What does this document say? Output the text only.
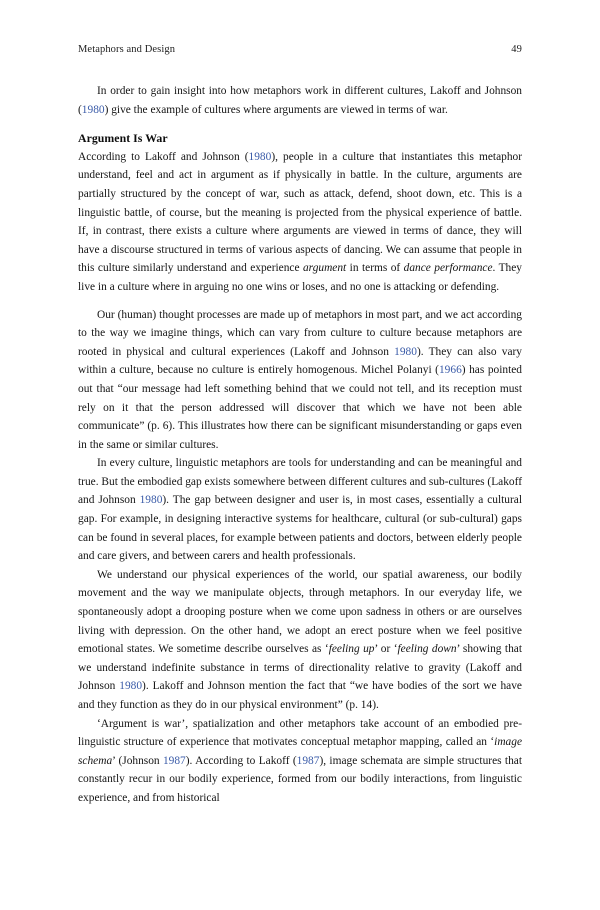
Metaphors and Design	49

In order to gain insight into how metaphors work in different cultures, Lakoff and Johnson (1980) give the example of cultures where arguments are viewed in terms of war.

Argument Is War

According to Lakoff and Johnson (1980), people in a culture that instantiates this metaphor understand, feel and act in argument as if physically in battle. In the culture, arguments are partially structured by the concept of war, such as attack, defend, shoot down, etc. This is a linguistic battle, of course, but the meaning is projected from the physical experience of battle. If, in contrast, there exists a culture where arguments are viewed in terms of dance, they will have a discourse structured in terms of various aspects of dancing. We can assume that people in this culture similarly understand and experience argument in terms of dance performance. They live in a culture where in arguing no one wins or loses, and no one is attacking or defending.

Our (human) thought processes are made up of metaphors in most part, and we act according to the way we imagine things, which can vary from culture to culture because metaphors are rooted in physical and cultural experiences (Lakoff and Johnson 1980). They can also vary within a culture, because no culture is entirely homogenous. Michel Polanyi (1966) has pointed out that “our message had left something behind that we could not tell, and its reception must rely on it that the person addressed will discover that which we have not been able communicate” (p. 6). This illustrates how there can be significant misunderstanding or gaps even in the same or similar cultures.

In every culture, linguistic metaphors are tools for understanding and can be meaningful and true. But the embodied gap exists somewhere between different cultures and sub-cultures (Lakoff and Johnson 1980). The gap between designer and user is, in most cases, essentially a cultural gap. For example, in designing interactive systems for healthcare, cultural (or sub-cultural) gaps can be found in several places, for example between patients and doctors, between elderly people and care givers, and between carers and health professionals.

We understand our physical experiences of the world, our spatial awareness, our bodily movement and the way we manipulate objects, through metaphors. In our everyday life, we spontaneously adopt a drooping posture when we come upon sadness in others or are ourselves living with depression. On the other hand, we adopt an erect posture when we feel positive emotional states. We sometime describe ourselves as ‘feeling up’ or ‘feeling down’ showing that we understand indefinite substance in terms of directionality relative to gravity (Lakoff and Johnson 1980). Lakoff and Johnson mention the fact that “we have bodies of the sort we have and they function as they do in our physical environment” (p. 14).

‘Argument is war’, spatialization and other metaphors take account of an embodied pre-linguistic structure of experience that motivates conceptual metaphor mapping, called an ‘image schema’ (Johnson 1987). According to Lakoff (1987), image schemata are simple structures that constantly recur in our bodily experience, formed from our bodily interactions, from linguistic experience, and from historical
